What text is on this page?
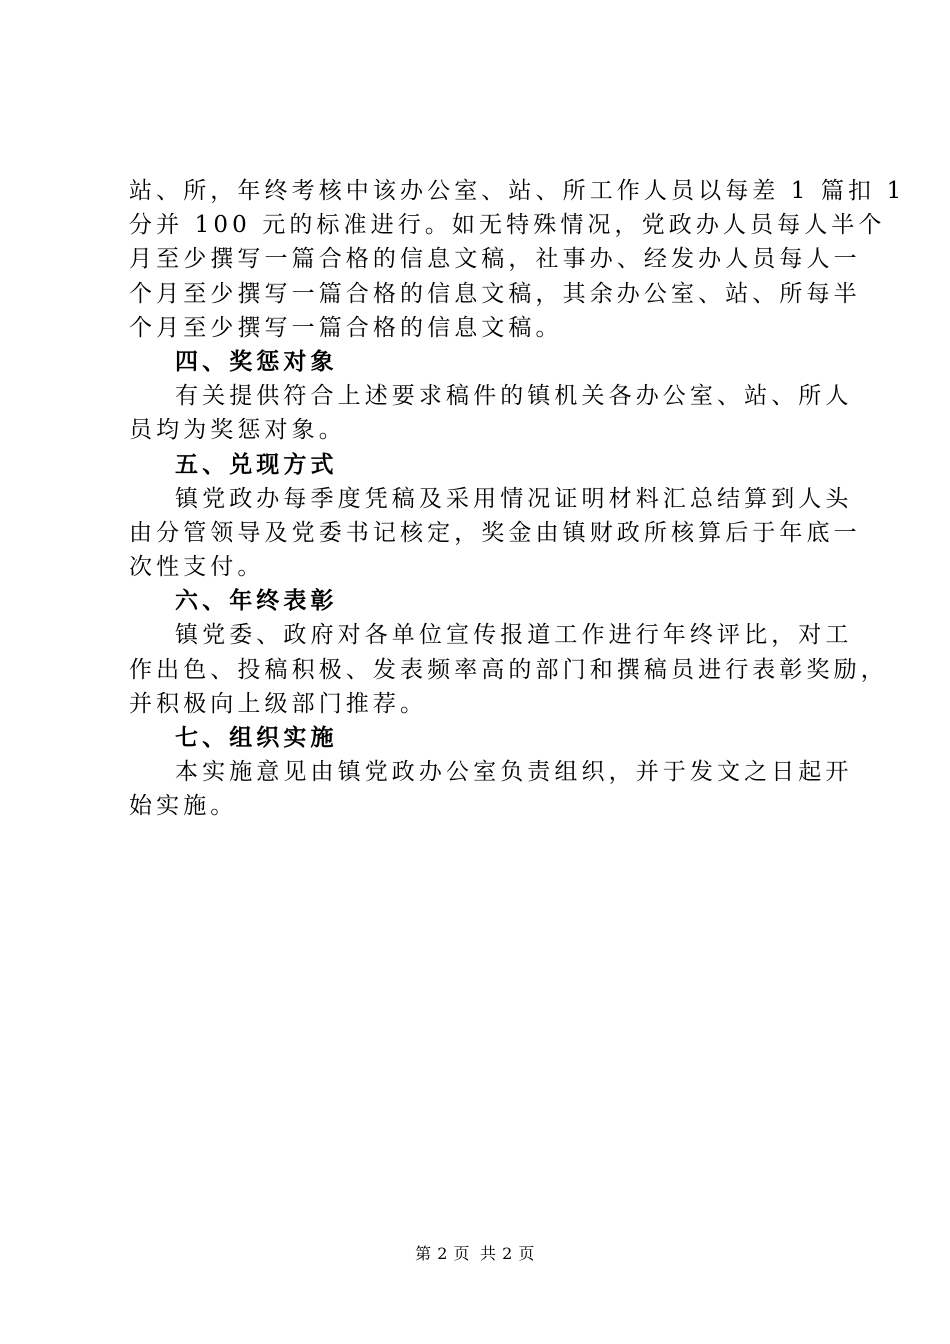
站、所，年终考核中该办公室、站、所工作人员以每差 1 篇扣 1
分并 100 元的标准进行。如无特殊情况，党政办人员每人半个
月至少撰写一篇合格的信息文稿，社事办、经发办人员每人一
个月至少撰写一篇合格的信息文稿，其余办公室、站、所每半
个月至少撰写一篇合格的信息文稿。
四、奖惩对象
有关提供符合上述要求稿件的镇机关各办公室、站、所人
员均为奖惩对象。
五、兑现方式
镇党政办每季度凭稿及采用情况证明材料汇总结算到人头
由分管领导及党委书记核定，奖金由镇财政所核算后于年底一
次性支付。
六、年终表彰
镇党委、政府对各单位宣传报道工作进行年终评比，对工
作出色、投稿积极、发表频率高的部门和撰稿员进行表彰奖励，
并积极向上级部门推荐。
七、组织实施
本实施意见由镇党政办公室负责组织，并于发文之日起开
始实施。
第 2 页 共 2 页
